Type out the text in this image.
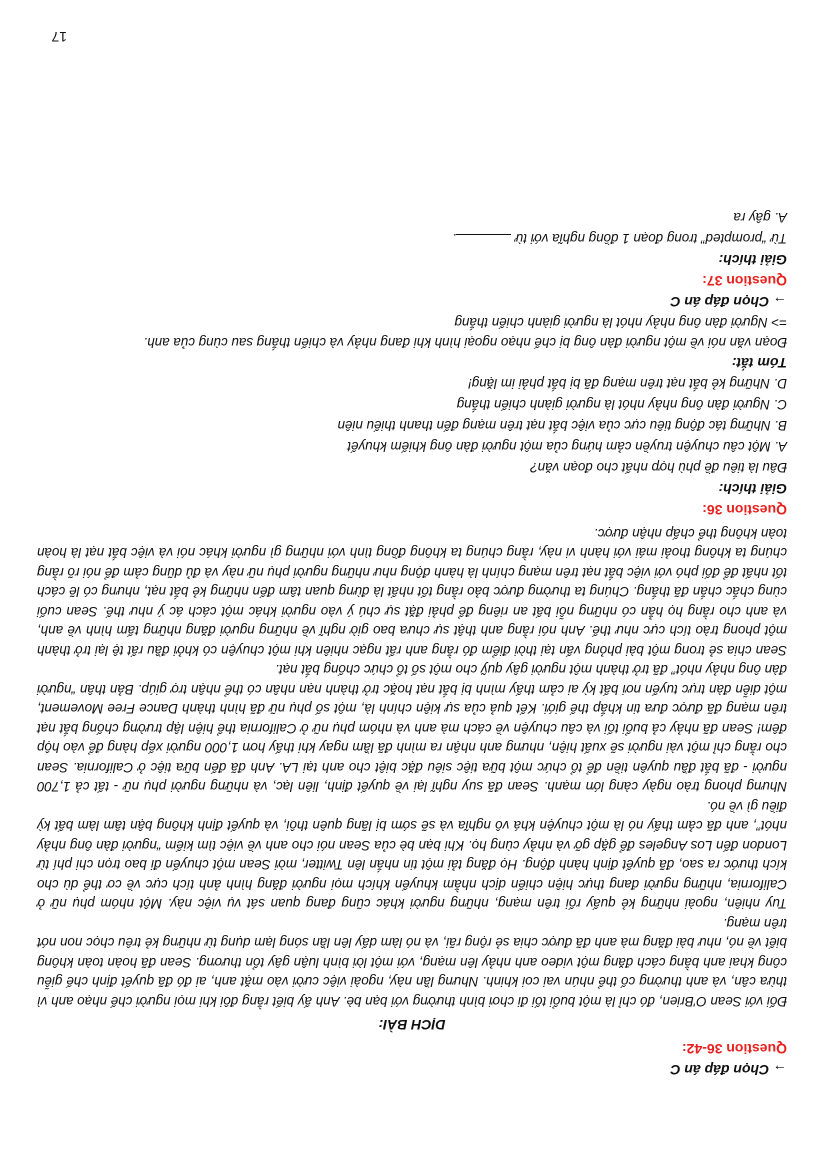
→ Chọn đáp án C

Question 36-42:

DỊCH BÀI:

Đối với Sean O'Brien, đó chỉ là một buổi tối đi chơi bình thường với bạn bè. Anh ấy biết rằng đôi khi mọi người chế nhạo anh vì thừa cân, và anh thường cố thể nhún vai coi khinh. Nhưng lần này, ngoài việc cười vào mặt anh, ai đó đã quyết định chế giễu công khai anh bằng cách đăng một video anh nhảy lên mạng, với một lời bình luận gây tổn thương. Sean đã hoàn toàn không biết về nó, như bài đăng mà anh đã được chia sẻ rộng rãi, và nó làm dấy lên lần sóng lạm dụng từ những kẻ trêu chọc non nớt trên mạng.

Tuy nhiên, ngoài những kẻ quấy rối trên mạng, những người khác cũng đang quan sát vụ việc này. Một nhóm phụ nữ ở California, những người đang thực hiện chiến dịch nhằm khuyến khích mọi người đăng hình ảnh tích cực về cơ thể dù cho kích thước ra sao, đã quyết định hành động. Họ đăng tải một tin nhắn lên Twitter, mời Sean một chuyến đi bao trọn chi phí từ London đến Los Angeles để gặp gỡ và nhảy cùng họ. Khi bạn bè của Sean nói cho anh về việc tìm kiếm “người đàn ông nhảy nhót”, anh đã cảm thấy nó là một chuyện khá vô nghĩa và sẽ sớm bị lãng quên thôi, và quyết định không bận tâm làm bất kỳ điều gì về nó.

Nhưng phong trào ngày càng lớn mạnh. Sean đã suy nghĩ lại về quyết định, liên lạc, và những người phụ nữ - tất cả 1,700 người - đã bắt đầu quyên tiền để tổ chức một bữa tiệc siêu đặc biệt cho anh tại LA. Anh đã đến bữa tiệc ở California. Sean cho rằng chỉ một vài người sẽ xuất hiện, nhưng anh nhận ra mình đã lầm ngay khi thấy hơn 1,000 người xếp hàng để vào hộp đêm! Sean đã nhảy cả buổi tối và câu chuyện về cách mà anh và nhóm phụ nữ ở California thể hiện lập trường chống bắt nạt trên mạng đã được đưa tin khắp thế giới. Kết quả của sự kiện chính là, một số phụ nữ đã hình thành Dance Free Movement, một diễn đàn trực tuyến nơi bất kỳ ai cảm thấy mình bị bắt nạt hoặc trở thành nạn nhân có thể nhận trợ giúp. Bản thân “người đàn ông nhảy nhót” đã trở thành một người gây quỹ cho một số tổ chức chống bắt nạt.

Sean chia sẻ trong một bài phỏng vấn tại thời điểm đó rằng anh rất ngạc nhiên khi một chuyện có khởi đầu rất tệ lại trở thành một phong trào tích cực như thế. Anh nói rằng anh thật sự chưa bao giờ nghĩ về những người đăng những tấm hình về anh, và anh cho rằng họ hẳn có những nỗi bất an riêng để phải đặt sự chú ý vào người khác một cách ác ý như thế. Sean cuối cùng chắc chắn đã thắng. Chúng ta thường được bảo rằng tốt nhất là đừng quan tâm đến những kẻ bắt nạt, nhưng có lẽ cách tốt nhất để đối phó với việc bắt nạt trên mạng chính là hành động như những người phụ nữ này và đủ dũng cảm để nói rõ rằng chúng ta không thoải mái với hành vi này, rằng chúng ta không đồng tình với những gì người khác nói và việc bắt nạt là hoàn toàn không thể chấp nhận được.

Question 36:

Giải thích:

Đâu là tiêu đề phù hợp nhất cho đoạn văn?

A. Một câu chuyện truyền cảm hứng của một người đàn ông khiếm khuyết

B. Những tác động tiêu cực của việc bắt nạt trên mạng đến thanh thiếu niên

C. Người đàn ông nhảy nhót là người giành chiến thắng

D. Những kẻ bắt nạt trên mạng đã bị bắt phải im lặng!

Tóm tắt:

Đoạn văn nói về một người đàn ông bị chế nhạo ngoại hình khi đang nhảy và chiến thắng sau cùng của anh.

=> Người đàn ông nhảy nhót là người giành chiến thắng

→ Chọn đáp án C

Question 37:

Giải thích:

Từ “prompted” trong đoạn 1 đồng nghĩa với từ .

A. gây ra

17
